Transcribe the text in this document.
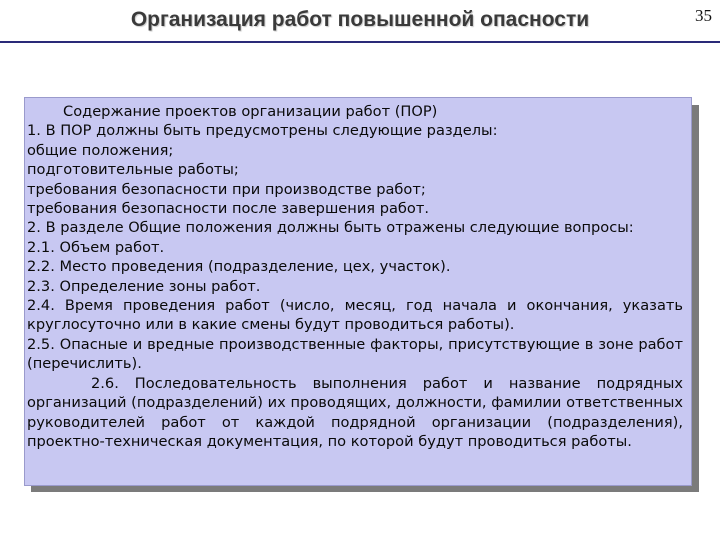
Организация работ повышенной опасности	35

Содержание проектов организации работ (ПОР)

1. В ПОР должны быть предусмотрены следующие разделы:

общие положения;

подготовительные работы;

требования безопасности при производстве работ;

требования безопасности после завершения работ.

2. В разделе Общие положения должны быть отражены следующие вопросы:

2.1. Объем работ.

2.2. Место проведения (подразделение, цех, участок).

2.3. Определение зоны работ.

2.4. Время проведения работ (число, месяц, год начала и окончания, указать круглосуточно или в какие смены будут проводиться работы).

2.5. Опасные и вредные производственные факторы, присутствующие в зоне работ (перечислить).

2.6. Последовательность выполнения работ и название подрядных организаций (подразделений) их проводящих, должности, фамилии ответственных руководителей работ от каждой подрядной организации (подразделения), проектно-техническая документация, по которой будут проводиться работы.
